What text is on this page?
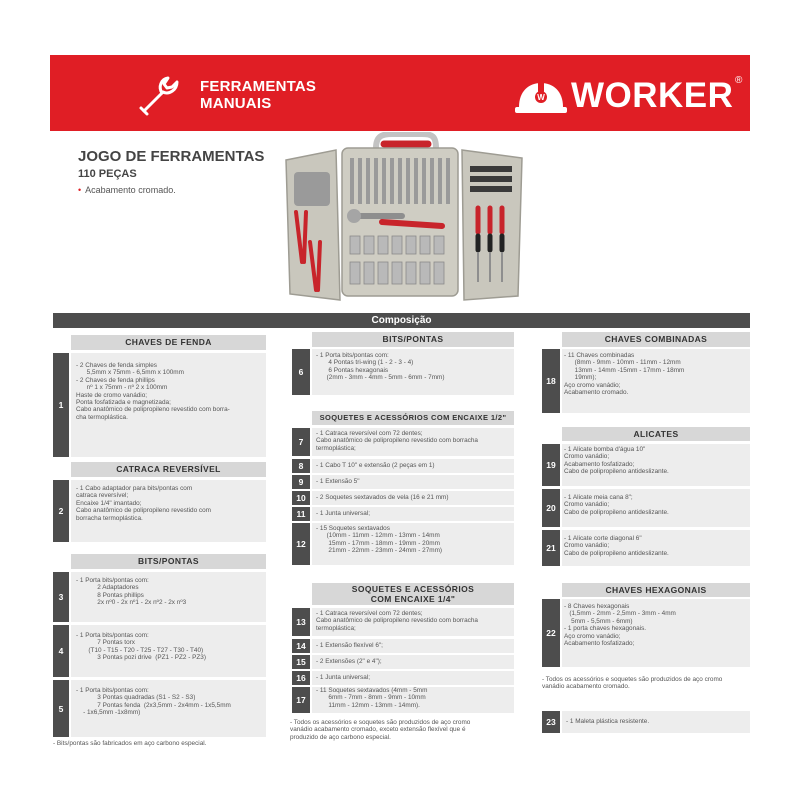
FERRAMENTAS
MANUAIS	W WORKER ®
JOGO DE FERRAMENTAS
110 PEÇAS
• Acabamento cromado.
Composição
CHAVES DE FENDA
1
- 2 Chaves de fenda simples
5,5mm x 75mm - 6,5mm x 100mm
- 2 Chaves de fenda phillips
nº 1 x 75mm - nº 2 x 100mm
Haste de cromo vanádio;
Ponta fosfatizada e magnetizada;
Cabo anatômico de polipropileno revestido com borra-
cha termoplástica.
CATRACA REVERSÍVEL
2
- 1 Cabo adaptador para bits/pontas com
catraca reversível;
Encaixe 1/4" imantado;
Cabo anatômico de polipropileno revestido com
borracha termoplástica.
BITS/PONTAS
3
- 1 Porta bits/pontas com:
2 Adaptadores
8 Pontas phillips
2x nº0 - 2x nº1 - 2x nº2 - 2x nº3
4
- 1 Porta bits/pontas com:
7 Pontas torx
(T10 - T15 - T20 - T25 - T27 - T30 - T40)
3 Pontas pozi drive  (PZ1 - PZ2 - PZ3)
5
- 1 Porta bits/pontas com:
3 Pontas quadradas (S1 - S2 - S3)
7 Pontas fenda  (2x3,5mm - 2x4mm - 1x5,5mm
- 1x6,5mm -1x8mm)
- Bits/pontas são fabricados em aço carbono especial.
BITS/PONTAS
6
- 1 Porta bits/pontas com:
4 Pontas tri-wing (1 - 2 - 3 - 4)
6 Pontas hexagonais
(2mm - 3mm - 4mm - 5mm - 6mm - 7mm)
SOQUETES E ACESSÓRIOS COM ENCAIXE 1/2"
7
- 1 Catraca reversível com 72 dentes;
Cabo anatômico de polipropileno revestido com borracha
termoplástica;
8	- 1 Cabo T 10" e extensão (2 peças em 1)
9	- 1 Extensão 5"
10	- 2 Soquetes sextavados de vela (16 e 21 mm)
11	- 1 Junta universal;
12
- 15 Soquetes sextavados
(10mm - 11mm - 12mm - 13mm - 14mm
15mm - 17mm - 18mm - 19mm - 20mm
21mm - 22mm - 23mm - 24mm - 27mm)
SOQUETES E ACESSÓRIOS
COM ENCAIXE 1/4"
13
- 1 Catraca reversível com 72 dentes;
Cabo anatômico de polipropileno revestido com borracha
termoplástica;
14	- 1 Extensão flexível 6";
15	- 2 Extensões (2" e 4");
16	- 1 Junta universal;
17
- 11 Soquetes sextavados (4mm - 5mm
6mm - 7mm - 8mm - 9mm - 10mm
11mm - 12mm - 13mm - 14mm).
- Todos os acessórios e soquetes são produzidos de aço cromo
vanádio acabamento cromado, exceto extensão flexível que é
produzido de aço carbono especial.
CHAVES COMBINADAS
18
- 11 Chaves combinadas
(8mm - 9mm - 10mm - 11mm - 12mm
13mm - 14mm -15mm - 17mm - 18mm
19mm);
Aço cromo vanádio;
Acabamento cromado.
ALICATES
19
- 1 Alicate bomba d'água 10"
Cromo vanádio;
Acabamento fosfatizado;
Cabo de polipropileno antideslizante.
20
- 1 Alicate meia cana 8";
Cromo vanádio;
Cabo de polipropileno antideslizante.
21
- 1 Alicate corte diagonal 6"
Cromo vanádio;
Cabo de polipropileno antideslizante.
CHAVES HEXAGONAIS
22
- 8 Chaves hexagonais
(1,5mm - 2mm - 2,5mm - 3mm - 4mm
5mm - 5,5mm - 6mm)
- 1 porta chaves hexagonais.
Aço cromo vanádio;
Acabamento fosfatizado;
- Todos os acessórios e soquetes são produzidos de aço cromo
vanádio acabamento cromado.
23	- 1 Maleta plástica resistente.
